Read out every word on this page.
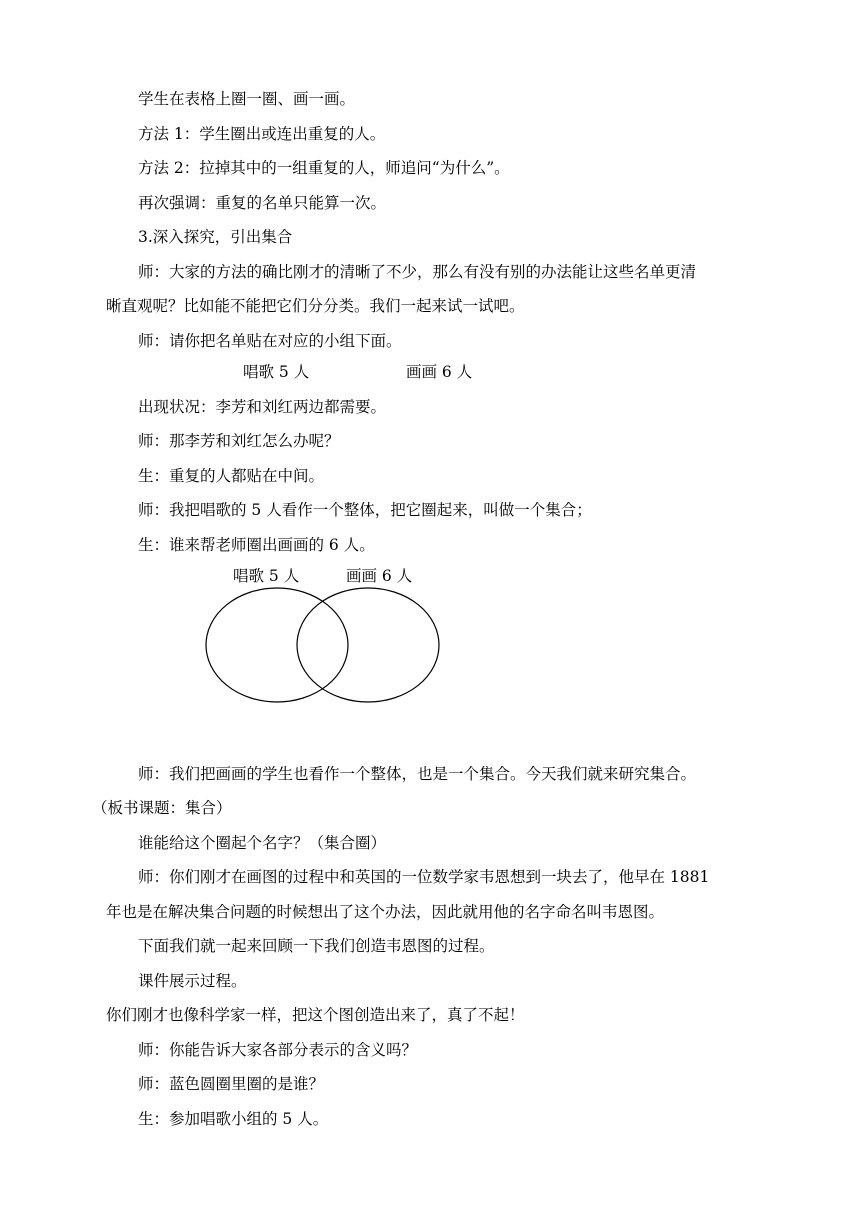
学生在表格上圈一圈、画一画。
方法 1：学生圈出或连出重复的人。
方法 2：拉掉其中的一组重复的人，师追问“为什么”。
再次强调：重复的名单只能算一次。
3.深入探究，引出集合
师：大家的方法的确比刚才的清晰了不少，那么有没有别的办法能让这些名单更清
晰直观呢？比如能不能把它们分分类。我们一起来试一试吧。
师：请你把名单贴在对应的小组下面。
唱歌 5 人	画画 6 人
出现状况：李芳和刘红两边都需要。
师：那李芳和刘红怎么办呢？
生：重复的人都贴在中间。
师：我把唱歌的 5 人看作一个整体，把它圈起来，叫做一个集合；
生：谁来帮老师圈出画画的 6 人。
唱歌 5 人	画画 6 人
师：我们把画画的学生也看作一个整体，也是一个集合。今天我们就来研究集合。
（板书课题：集合）
谁能给这个圈起个名字？（集合圈）
师：你们刚才在画图的过程中和英国的一位数学家韦恩想到一块去了，他早在 1881
年也是在解决集合问题的时候想出了这个办法，因此就用他的名字命名叫韦恩图。
下面我们就一起来回顾一下我们创造韦恩图的过程。
课件展示过程。
你们刚才也像科学家一样，把这个图创造出来了，真了不起！
师：你能告诉大家各部分表示的含义吗？
师：蓝色圆圈里圈的是谁？
生：参加唱歌小组的 5 人。
